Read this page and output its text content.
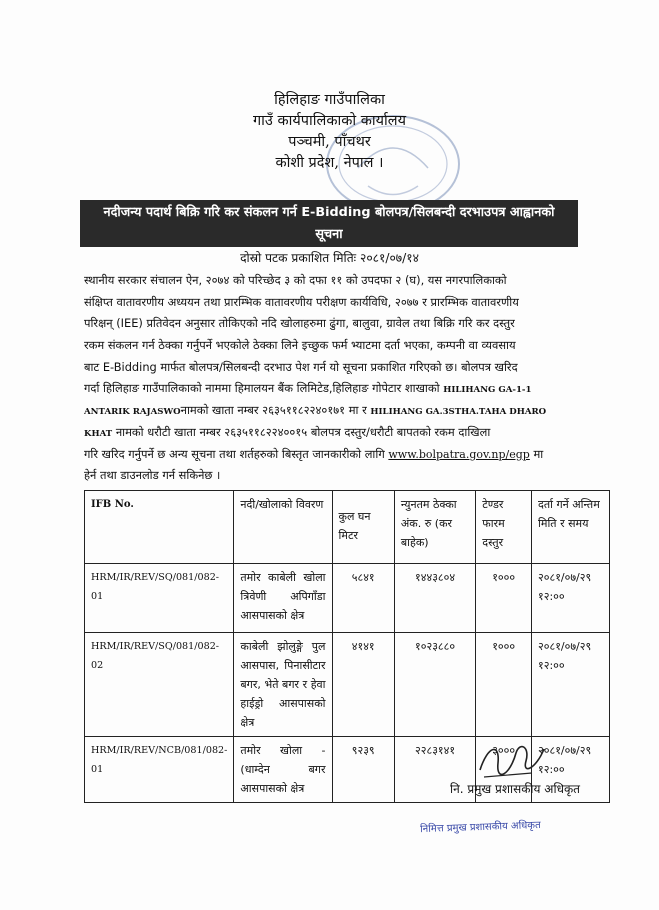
हिलिहाङ गाउँपालिका
गाउँ कार्यपालिकाको कार्यालय
पञ्चमी, पाँचथर
कोशी प्रदेश, नेपाल ।
नदीजन्य पदार्थ बिक्रि गरि कर संकलन गर्न E-Bidding बोलपत्र/सिलबन्दी दरभाउपत्र आह्वानको
सूचना
दोस्रो पटक प्रकाशित मितिः २०८१/०७/१४
स्थानीय सरकार संचालन ऐन, २०७४ को परिच्छेद ३ को दफा ११ को उपदफा २ (घ), यस नगरपालिकाको
संक्षिप्त वातावरणीय अध्ययन तथा प्रारम्भिक वातावरणीय परीक्षण कार्यविधि, २०७७ र प्रारम्भिक वातावरणीय
परिक्षन् (IEE) प्रतिवेदन अनुसार तोकिएको नदि खोलाहरुमा ढुंगा, बालुवा, ग्रावेल तथा बिक्रि गरि कर दस्तुर
रकम संकलन गर्न ठेक्का गर्नुपर्ने भएकोले ठेक्का लिने इच्छुक फर्म भ्याटमा दर्ता भएका, कम्पनी वा व्यवसाय
बाट E-Bidding मार्फत बोलपत्र/सिलबन्दी दरभाउ पेश गर्न यो सूचना प्रकाशित गरिएको छ। बोलपत्र खरिद
गर्दा हिलिहाङ गाउँपालिकाको नाममा हिमालयन बैंक लिमिटेड,हिलिहाङ गोपेटार शाखाको HILIHANG GA-1-1
ANTARIK RAJASWOनामको खाता नम्बर २६३५११८२२४०१७१ मा र HILIHANG GA.3STHA.TAHA DHARO
KHAT नामको धरौटी खाता नम्बर २६३५११८२२४००१५ बोलपत्र दस्तुर/धरौटी बापतको रकम दाखिला
गरि खरिद गर्नुपर्ने छ अन्य सूचना तथा शर्तहरुको बिस्तृत जानकारीको लागि www.bolpatra.gov.np/egp मा
हेर्न तथा डाउनलोड गर्न सकिनेछ ।
IFB No.	नदी/खोलाको विवरण	कुल घन मिटर	न्युनतम ठेक्का अंक. रु (कर बाहेक)	टेण्डर फारम दस्तुर	दर्ता गर्ने अन्तिम मिति र समय
HRM/IR/REV/SQ/081/082-01	तमोर काबेली खोला त्रिवेणी अपिगाँडा आसपासको क्षेत्र	५८४१	१४४३८०४	१०००	२०८१/०७/२९
१२:००

HRM/IR/REV/SQ/081/082-02	काबेली झोलुङ्गे पुल आसपास, पिनासीटार बगर, भेते बगर र हेवा हाईड्रो आसपासको क्षेत्र	४१४१	१०२३८८०	१०००	२०८१/०७/२९
१२:००

HRM/IR/REV/NCB/081/082-01	तमोर खोला - (धाम्देन बगर आसपासको क्षेत्र	९२३९	२२८३१४१	३०००	२०८१/०७/२९
१२:००
नि. प्रमुख प्रशासकीय अधिकृत
निमित्त प्रमुख प्रशासकीय अधिकृत
